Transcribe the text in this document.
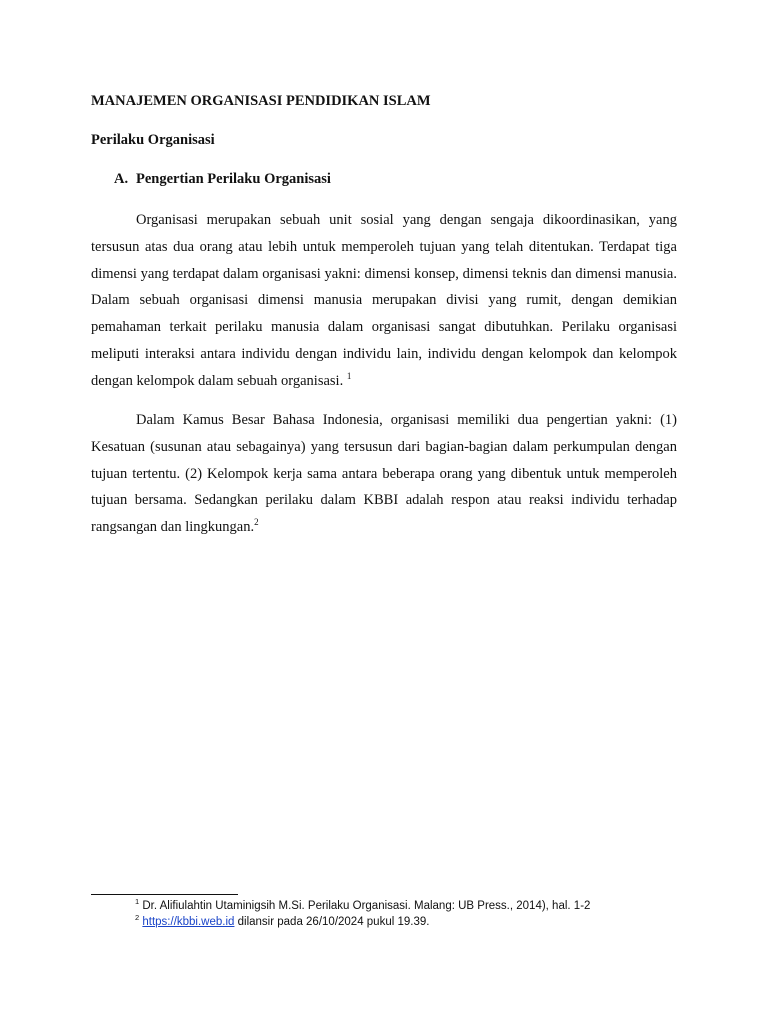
MANAJEMEN ORGANISASI PENDIDIKAN ISLAM
Perilaku Organisasi
A. Pengertian Perilaku Organisasi

Organisasi merupakan sebuah unit sosial yang dengan sengaja dikoordinasikan, yang tersusun atas dua orang atau lebih untuk memperoleh tujuan yang telah ditentukan. Terdapat tiga dimensi yang terdapat dalam organisasi yakni: dimensi konsep, dimensi teknis dan dimensi manusia. Dalam sebuah organisasi dimensi manusia merupakan divisi yang rumit, dengan demikian pemahaman terkait perilaku manusia dalam organisasi sangat dibutuhkan. Perilaku organisasi meliputi interaksi antara individu dengan individu lain, individu dengan kelompok dan kelompok dengan kelompok dalam sebuah organisasi. $^1$

Dalam Kamus Besar Bahasa Indonesia, organisasi memiliki dua pengertian yakni: (1) Kesatuan (susunan atau sebagainya) yang tersusun dari bagian-bagian dalam perkumpulan dengan tujuan tertentu. (2) Kelompok kerja sama antara beberapa orang yang dibentuk untuk memperoleh tujuan bersama. Sedangkan perilaku dalam KBBI adalah respon atau reaksi individu terhadap rangsangan dan lingkungan.$^2$

$^1$ Dr. Alifiulahtin Utaminigsih M.Si. Perilaku Organisasi. Malang: UB Press., 2014), hal. 1-2
$^2$ https://kbbi.web.id dilansir pada 26/10/2024 pukul 19.39.
